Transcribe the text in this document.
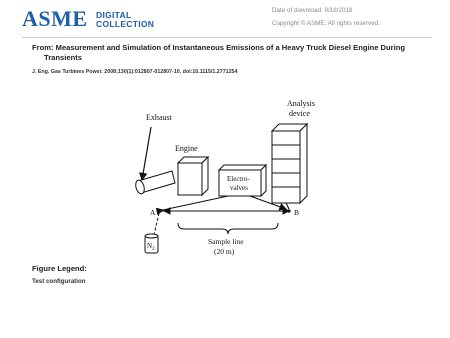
ASME DIGITAL
COLLECTION
Date of download: 9/18/2018
Copyright © ASME. All rights reserved.
From: Measurement and Simulation of Instantaneous Emissions of a Heavy Truck Diesel Engine During
Transients
J. Eng. Gas Turbines Power. 2008;130(1):012807-012807-10. doi:10.1115/1.2771254
Exhaust
Engine
Analysis
device
Electro-
valves
A	B
$N_2$
Sample line
(20 m)
Figure Legend:
Test configuration
